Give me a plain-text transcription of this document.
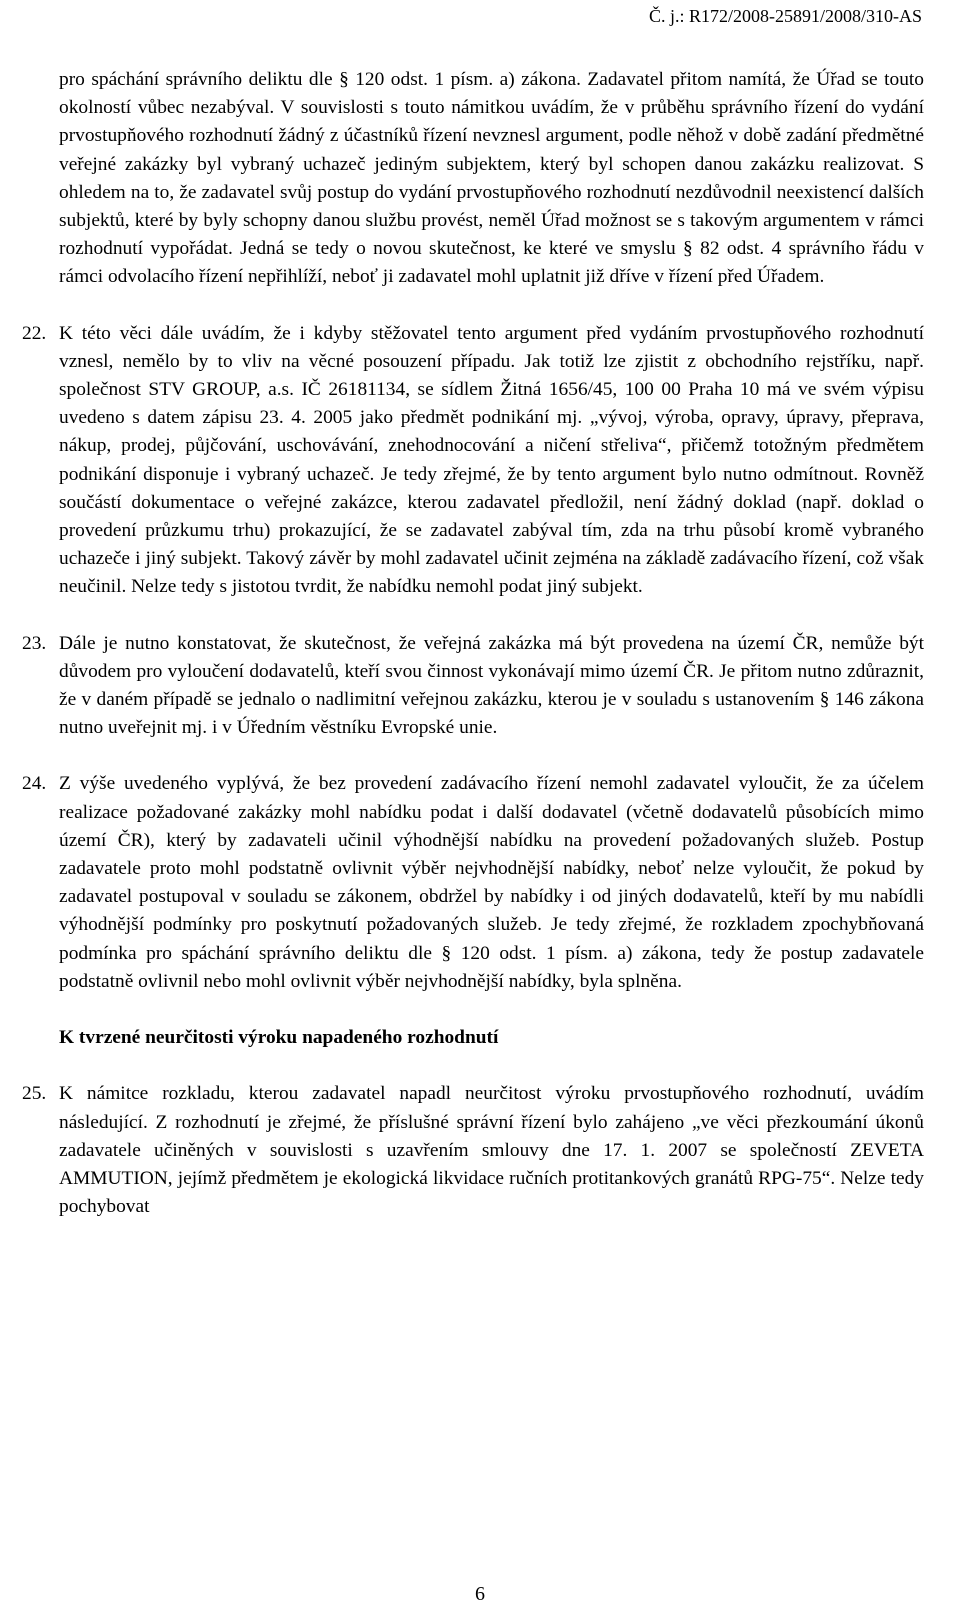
Č. j.: R172/2008-25891/2008/310-AS

pro spáchání správního deliktu dle § 120 odst. 1 písm. a) zákona. Zadavatel přitom namítá, že Úřad se touto okolností vůbec nezabýval. V souvislosti s touto námitkou uvádím, že v průběhu správního řízení do vydání prvostupňového rozhodnutí žádný z účastníků řízení nevznesl argument, podle něhož v době zadání předmětné veřejné zakázky byl vybraný uchazeč jediným subjektem, který byl schopen danou zakázku realizovat. S ohledem na to, že zadavatel svůj postup do vydání prvostupňového rozhodnutí nezdůvodnil neexistencí dalších subjektů, které by byly schopny danou službu provést, neměl Úřad možnost se s takovým argumentem v rámci rozhodnutí vypořádat. Jedná se tedy o novou skutečnost, ke které ve smyslu § 82 odst. 4 správního řádu v rámci odvolacího řízení nepřihlíží, neboť ji zadavatel mohl uplatnit již dříve v řízení před Úřadem.

22. K této věci dále uvádím, že i kdyby stěžovatel tento argument před vydáním prvostupňového rozhodnutí vznesl, nemělo by to vliv na věcné posouzení případu. Jak totiž lze zjistit z obchodního rejstříku, např. společnost STV GROUP, a.s. IČ 26181134, se sídlem Žitná 1656/45, 100 00 Praha 10 má ve svém výpisu uvedeno s datem zápisu 23. 4. 2005 jako předmět podnikání mj. „vývoj, výroba, opravy, úpravy, přeprava, nákup, prodej, půjčování, uschovávání, znehodnocování a ničení střeliva“, přičemž totožným předmětem podnikání disponuje i vybraný uchazeč. Je tedy zřejmé, že by tento argument bylo nutno odmítnout. Rovněž součástí dokumentace o veřejné zakázce, kterou zadavatel předložil, není žádný doklad (např. doklad o provedení průzkumu trhu) prokazující, že se zadavatel zabýval tím, zda na trhu působí kromě vybraného uchazeče i jiný subjekt. Takový závěr by mohl zadavatel učinit zejména na základě zadávacího řízení, což však neučinil. Nelze tedy s jistotou tvrdit, že nabídku nemohl podat jiný subjekt.
23. Dále je nutno konstatovat, že skutečnost, že veřejná zakázka má být provedena na území ČR, nemůže být důvodem pro vyloučení dodavatelů, kteří svou činnost vykonávají mimo území ČR. Je přitom nutno zdůraznit, že v daném případě se jednalo o nadlimitní veřejnou zakázku, kterou je v souladu s ustanovením § 146 zákona nutno uveřejnit mj. i v Úředním věstníku Evropské unie.
24. Z výše uvedeného vyplývá, že bez provedení zadávacího řízení nemohl zadavatel vyloučit, že za účelem realizace požadované zakázky mohl nabídku podat i další dodavatel (včetně dodavatelů působících mimo území ČR), který by zadavateli učinil výhodnější nabídku na provedení požadovaných služeb. Postup zadavatele proto mohl podstatně ovlivnit výběr nejvhodnější nabídky, neboť nelze vyloučit, že pokud by zadavatel postupoval v souladu se zákonem, obdržel by nabídky i od jiných dodavatelů, kteří by mu nabídli výhodnější podmínky pro poskytnutí požadovaných služeb. Je tedy zřejmé, že rozkladem zpochybňovaná podmínka pro spáchání správního deliktu dle § 120 odst. 1 písm. a) zákona, tedy že postup zadavatele podstatně ovlivnil nebo mohl ovlivnit výběr nejvhodnější nabídky, byla splněna.

K tvrzené neurčitosti výroku napadeného rozhodnutí

25. K námitce rozkladu, kterou zadavatel napadl neurčitost výroku prvostupňového rozhodnutí, uvádím následující. Z rozhodnutí je zřejmé, že příslušné správní řízení bylo zahájeno „ve věci přezkoumání úkonů zadavatele učiněných v souvislosti s uzavřením smlouvy dne 17. 1. 2007 se společností ZEVETA AMMUTION, jejímž předmětem je ekologická likvidace ručních protitankových granátů RPG-75“. Nelze tedy pochybovat
6
